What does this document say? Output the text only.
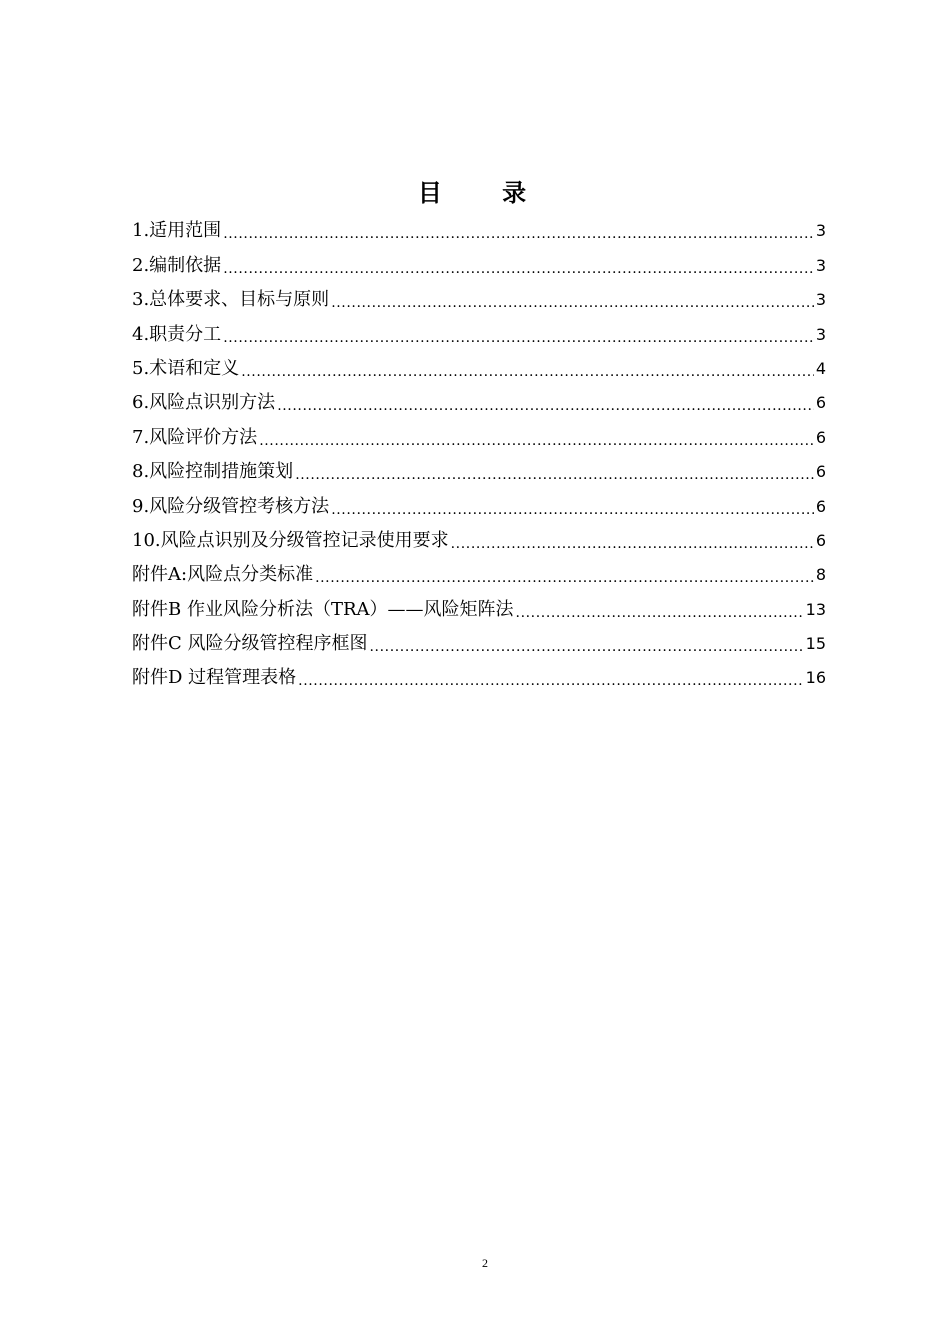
目 录
1.适用范围 .....	3
2.编制依据 .....	3
3.总体要求、目标与原则 .....	3
4.职责分工 .....	3
5.术语和定义 .....	4
6.风险点识别方法 .....	6
7.风险评价方法 .....	6
8.风险控制措施策划 .....	6
9.风险分级管控考核方法 .....	6
10.风险点识别及分级管控记录使用要求 .....	6
附件A:风险点分类标准 .....	8
附件B 作业风险分析法（TRA）——风险矩阵法 .....	13
附件C 风险分级管控程序框图 .....	15
附件D 过程管理表格 .....	16
2
